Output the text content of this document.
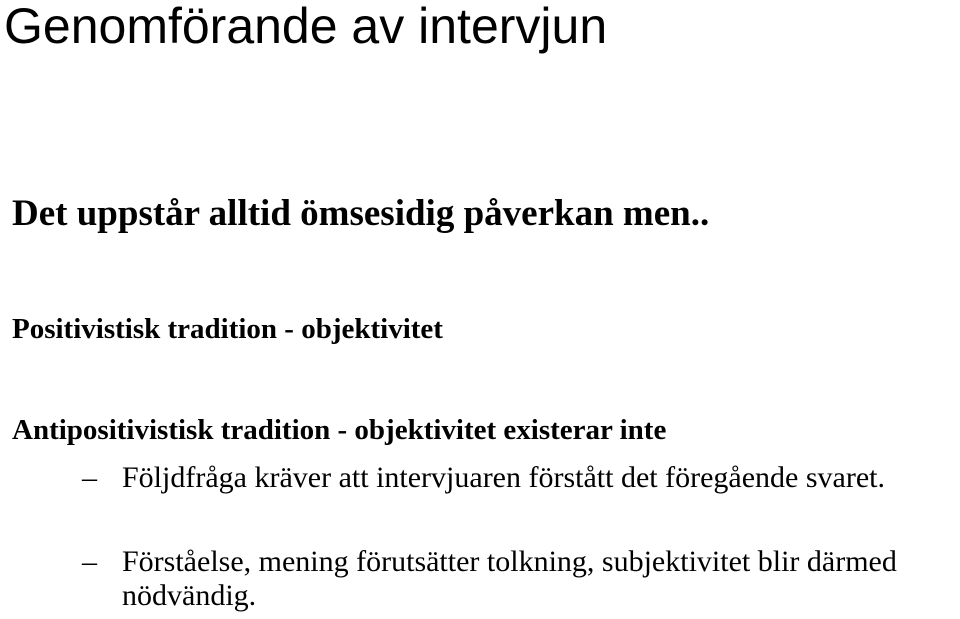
Genomförande av intervjun

Det uppstår alltid ömsesidig påverkan men..

Positivistisk tradition - objektivitet

Antipositivistisk tradition - objektivitet existerar inte

– Följdfråga kräver att intervjuaren förstått det föregående svaret.
– Förståelse, mening förutsätter tolkning, subjektivitet blir därmed nödvändig.
